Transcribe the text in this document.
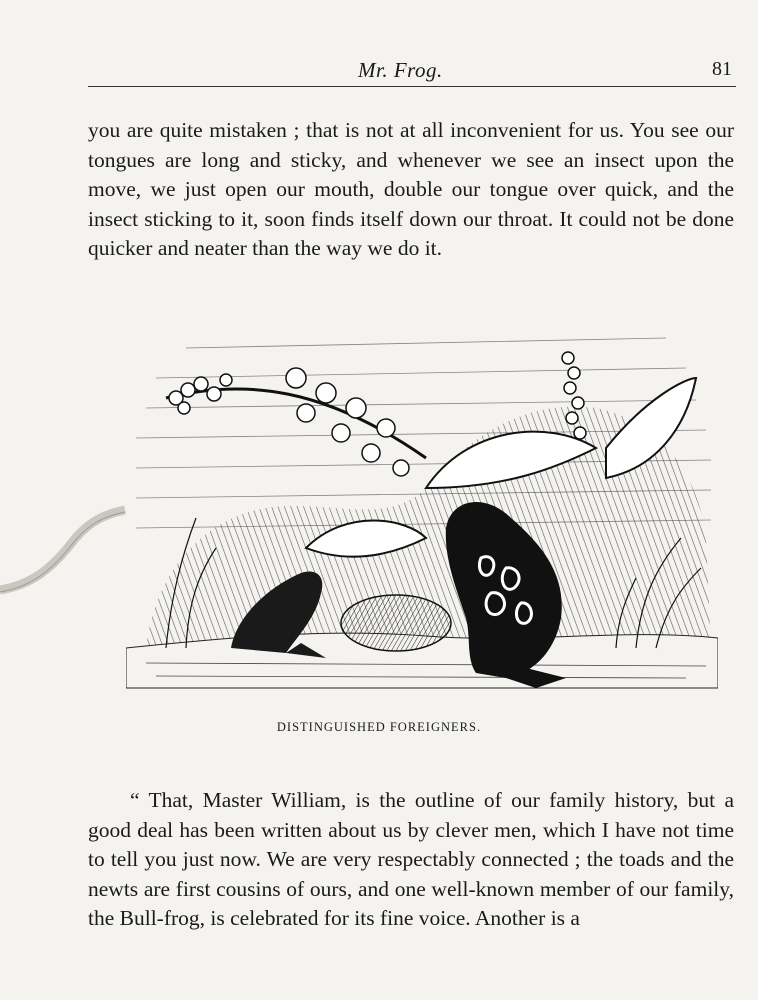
Mr. Frog.	81

you are quite mistaken ; that is not at all inconvenient for us. You see our tongues are long and sticky, and whenever we see an insect upon the move, we just open our mouth, double our tongue over quick, and the insect sticking to it, soon finds itself down our throat. It could not be done quicker and neater than the way we do it.

DISTINGUISHED FOREIGNERS.

“ That, Master William, is the outline of our family history, but a good deal has been written about us by clever men, which I have not time to tell you just now. We are very respectably connected ; the toads and the newts are first cousins of ours, and one well-known member of our family, the Bull-frog, is celebrated for its fine voice. Another is a
